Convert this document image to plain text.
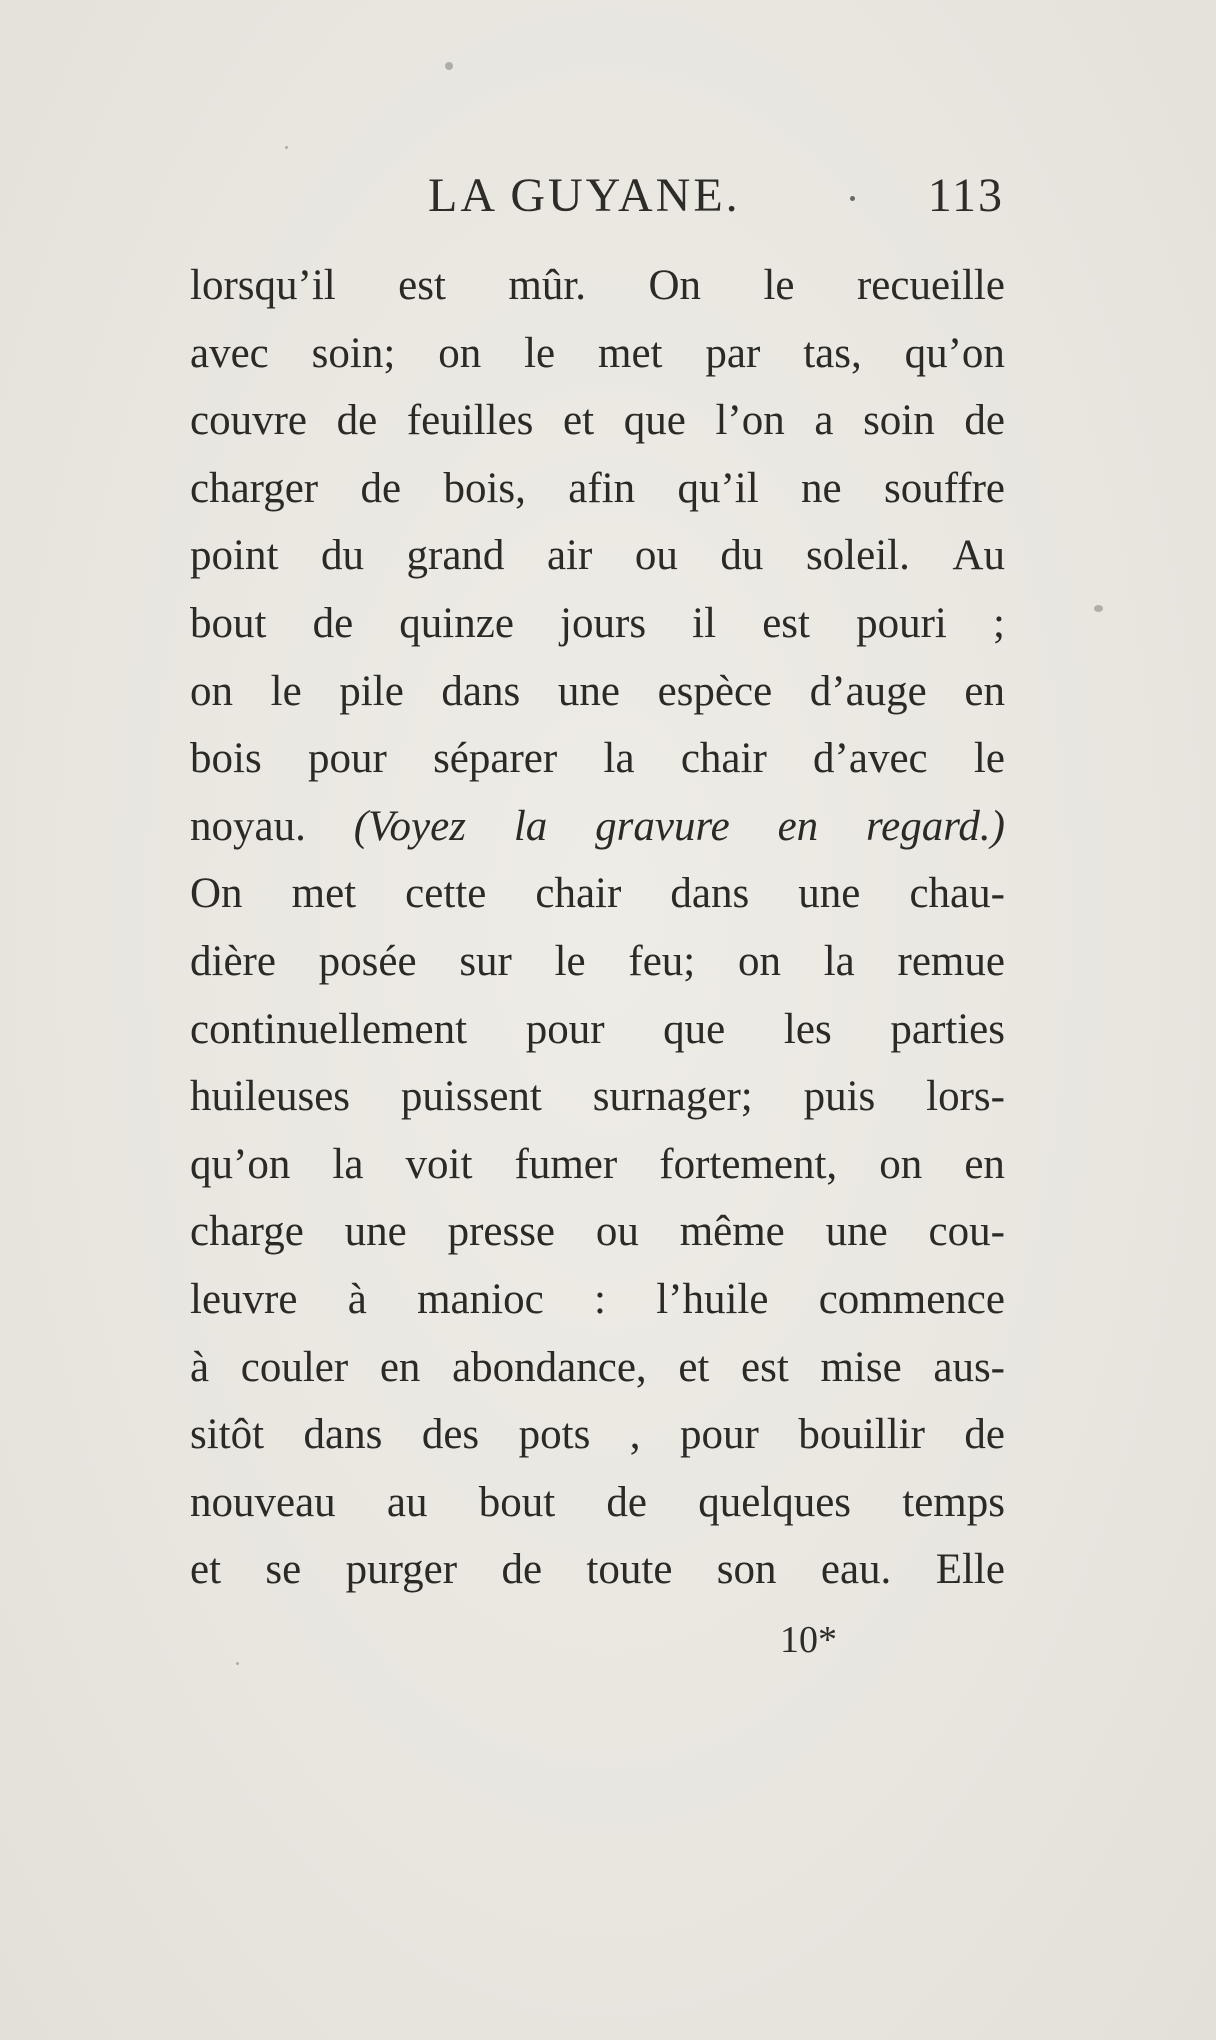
LA GUYANE.	113
lorsqu’il est mûr. On le recueille
avec soin; on le met par tas, qu’on
couvre de feuilles et que l’on a soin de
charger de bois, afin qu’il ne souffre
point du grand air ou du soleil. Au
bout de quinze jours il est pouri ;
on le pile dans une espèce d’auge en
bois pour séparer la chair d’avec le
noyau. (Voyez la gravure en regard.)
On met cette chair dans une chau-
dière posée sur le feu; on la remue
continuellement pour que les parties
huileuses puissent surnager; puis lors-
qu’on la voit fumer fortement, on en
charge une presse ou même une cou-
leuvre à manioc : l’huile commence
à couler en abondance, et est mise aus-
sitôt dans des pots , pour bouillir de
nouveau au bout de quelques temps
et se purger de toute son eau. Elle
10*
